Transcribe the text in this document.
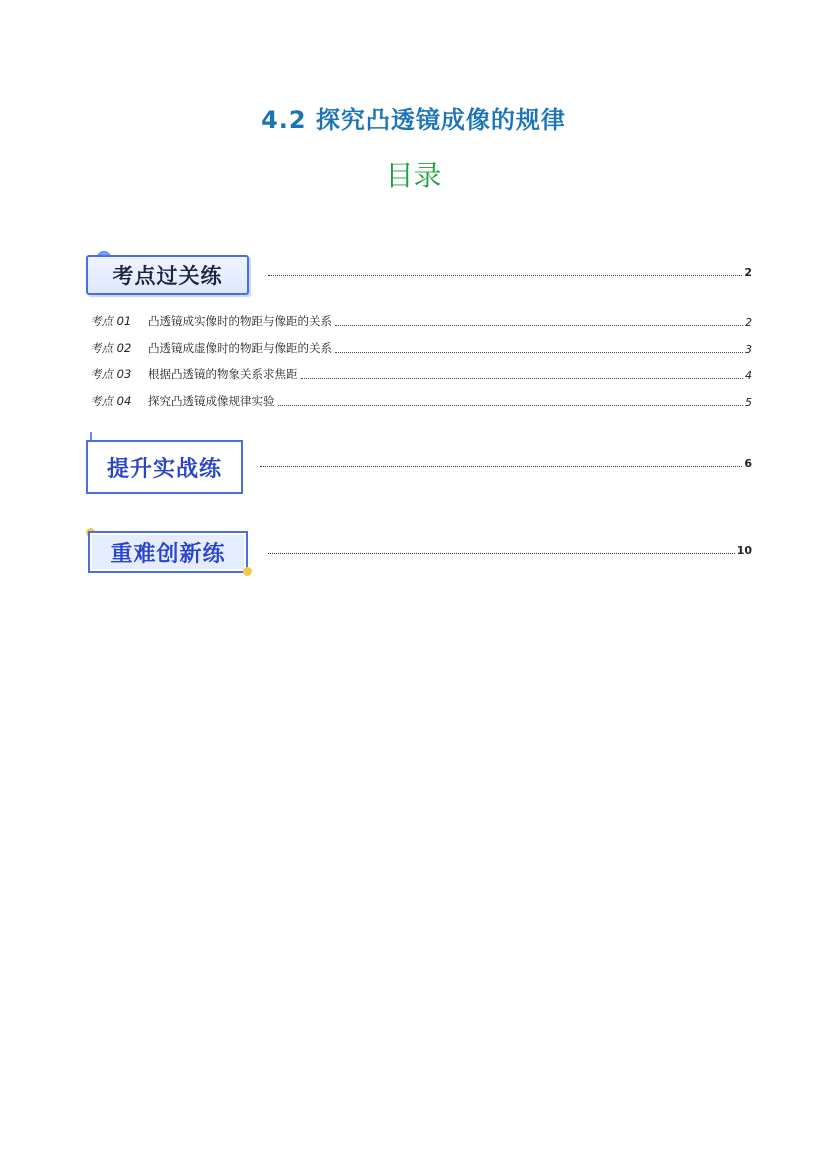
4.2 探究凸透镜成像的规律
目录
考点过关练	2
考点 01	凸透镜成实像时的物距与像距的关系	2
考点 02	凸透镜成虚像时的物距与像距的关系	3
考点 03	根据凸透镜的物象关系求焦距	4
考点 04	探究凸透镜成像规律实验	5
提升实战练	6
重难创新练	10
